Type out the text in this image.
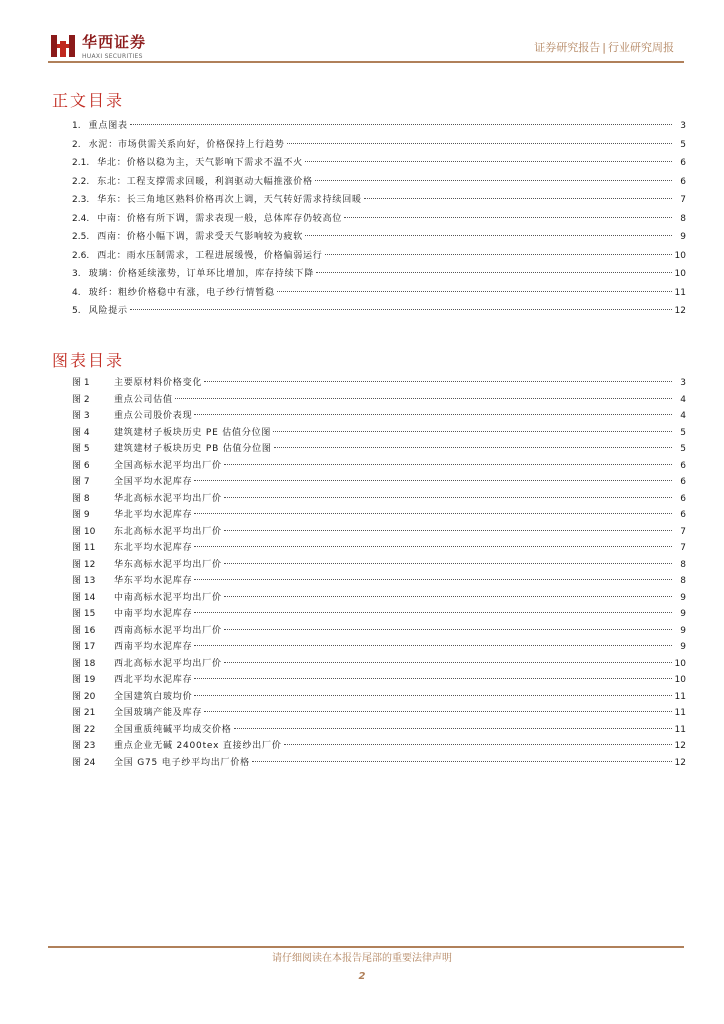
华西证券
HUAXI SECURITIES
证券研究报告 | 行业研究周报
正文目录
1. 重点图表	3
2. 水泥：市场供需关系向好，价格保持上行趋势	5
2.1. 华北：价格以稳为主，天气影响下需求不温不火	6
2.2. 东北：工程支撑需求回暖，利润驱动大幅推涨价格	6
2.3. 华东：长三角地区熟料价格再次上调，天气转好需求持续回暖	7
2.4. 中南：价格有所下调，需求表现一般，总体库存仍较高位	8
2.5. 西南：价格小幅下调，需求受天气影响较为疲软	9
2.6. 西北：雨水压制需求，工程进展缓慢，价格偏弱运行	10
3. 玻璃：价格延续涨势，订单环比增加，库存持续下降	10
4. 玻纤：粗纱价格稳中有涨，电子纱行情暂稳	11
5. 风险提示	12
图表目录
图 1	主要原材料价格变化	3
图 2	重点公司估值	4
图 3	重点公司股价表现	4
图 4	建筑建材子板块历史 PE 估值分位图	5
图 5	建筑建材子板块历史 PB 估值分位图	5
图 6	全国高标水泥平均出厂价	6
图 7	全国平均水泥库存	6
图 8	华北高标水泥平均出厂价	6
图 9	华北平均水泥库存	6
图 10	东北高标水泥平均出厂价	7
图 11	东北平均水泥库存	7
图 12	华东高标水泥平均出厂价	8
图 13	华东平均水泥库存	8
图 14	中南高标水泥平均出厂价	9
图 15	中南平均水泥库存	9
图 16	西南高标水泥平均出厂价	9
图 17	西南平均水泥库存	9
图 18	西北高标水泥平均出厂价	10
图 19	西北平均水泥库存	10
图 20	全国建筑白玻均价	11
图 21	全国玻璃产能及库存	11
图 22	全国重质纯碱平均成交价格	11
图 23	重点企业无碱 2400tex 直接纱出厂价	12
图 24	全国 G75 电子纱平均出厂价格	12
请仔细阅读在本报告尾部的重要法律声明
2
